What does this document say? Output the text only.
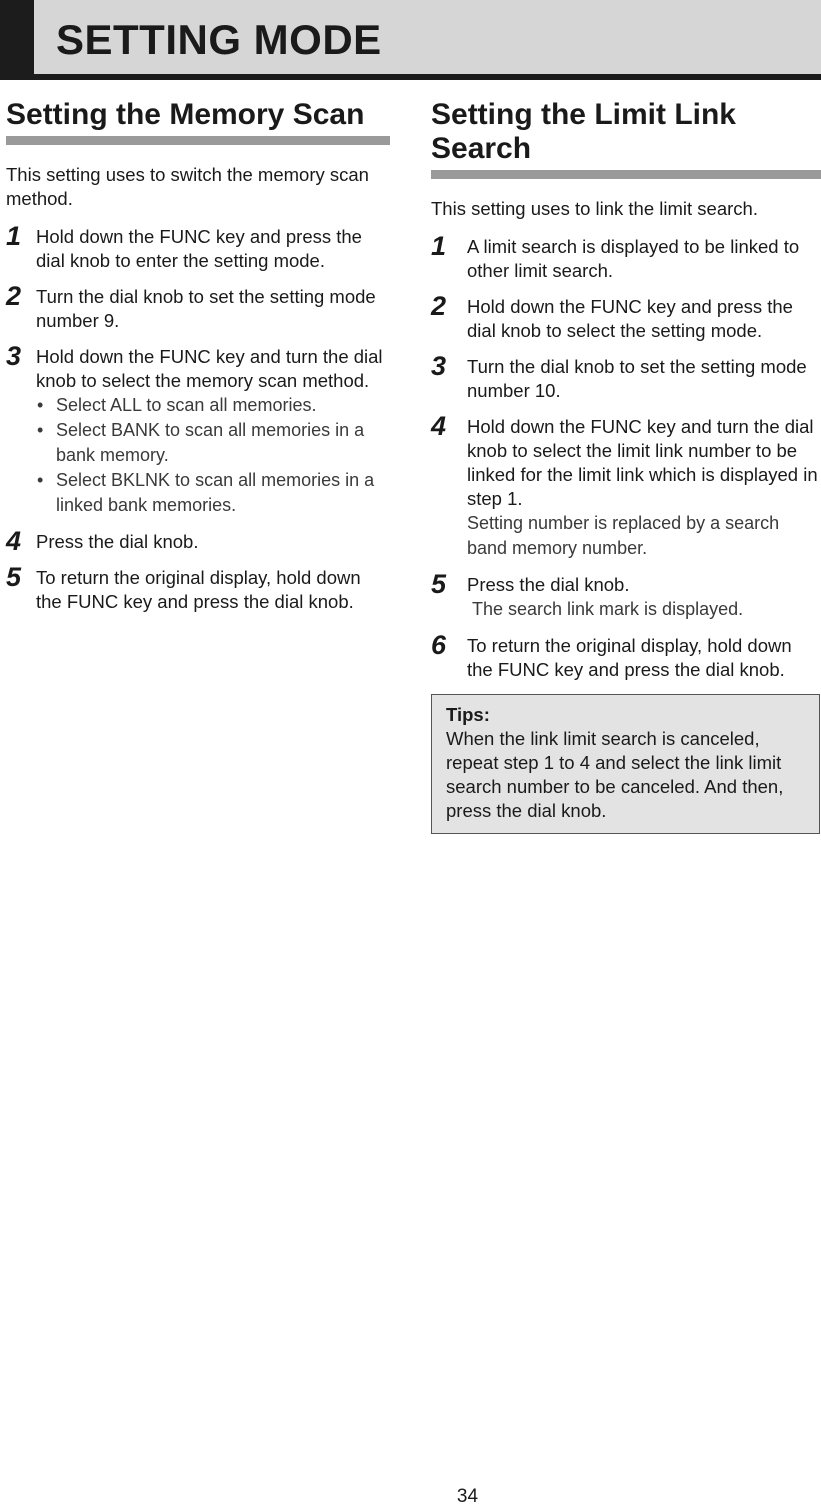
SETTING MODE
Setting the Memory Scan

This setting uses to switch the memory scan method.

1 Hold down the FUNC key and press the dial knob to enter the setting mode.
2 Turn the dial knob to set the setting mode number 9.
3 Hold down the FUNC key and turn the dial knob to select the memory scan method.
• Select ALL to scan all memories.
• Select BANK to scan all memories in a bank memory.
• Select BKLNK to scan all memories in a linked bank memories.
4 Press the dial knob.
5 To return the original display, hold down the FUNC key and press the dial knob.
Setting the Limit Link
Search

This setting uses to link the limit search.

1 A limit search is displayed to be linked to other limit search.
2 Hold down the FUNC key and press the dial knob to select the setting mode.
3 Turn the dial knob to set the setting mode number 10.
4 Hold down the FUNC key and turn the dial knob to select the limit link number to be linked for the limit link which is displayed in step 1.
Setting number is replaced by a search band memory number.
5 Press the dial knob.
The search link mark is displayed.
6 To return the original display, hold down the FUNC key and press the dial knob.

Tips:

When the link limit search is canceled, repeat step 1 to 4 and select the link limit search number to be canceled. And then, press the dial knob.

34
